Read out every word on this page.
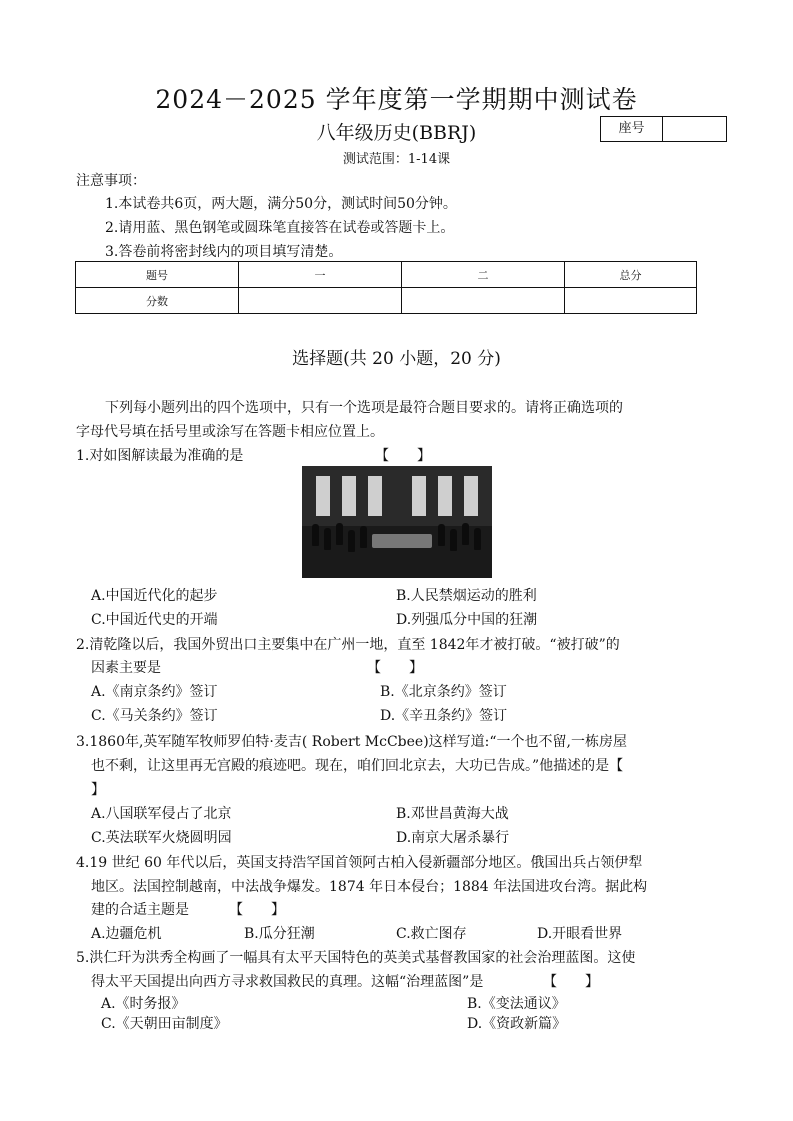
2024－2025 学年度第一学期期中测试卷
八年级历史(BBRJ)	座号
测试范围：1-14课
注意事项：
1.本试卷共6页，两大题，满分50分，测试时间50分钟。
2.请用蓝、黑色钢笔或圆珠笔直接答在试卷或答题卡上。
3.答卷前将密封线内的项目填写清楚。
题号	一	二	总分
分数			
选择题(共 20 小题，20 分)
下列每小题列出的四个选项中，只有一个选项是最符合题目要求的。请将正确选项的
字母代号填在括号里或涂写在答题卡相应位置上。
1.对如图解读最为准确的是	【　　】
A.中国近代化的起步	B.人民禁烟运动的胜利
C.中国近代史的开端	D.列强瓜分中国的狂潮
2.清乾隆以后，我国外贸出口主要集中在广州一地，直至 1842年才被打破。“被打破”的
因素主要是	【　　】
A.《南京条约》签订	B.《北京条约》签订
C.《马关条约》签订	D.《辛丑条约》签订
3.1860年,英军随军牧师罗伯特·麦吉( Robert McCbee)这样写道:“一个也不留,一栋房屋
也不剩，让这里再无宫殿的痕迹吧。现在，咱们回北京去，大功已告成。”他描述的是【
】
A.八国联军侵占了北京	B.邓世昌黄海大战
C.英法联军火烧圆明园	D.南京大屠杀暴行
4.19 世纪 60 年代以后，英国支持浩罕国首领阿古柏入侵新疆部分地区。俄国出兵占领伊犁
地区。法国控制越南，中法战争爆发。1874 年日本侵台；1884 年法国进攻台湾。据此构
建的合适主题是	【　　】
A.边疆危机	B.瓜分狂潮	C.救亡图存	D.开眼看世界
5.洪仁玕为洪秀全构画了一幅具有太平天国特色的英美式基督教国家的社会治理蓝图。这使
得太平天国提出向西方寻求救国救民的真理。这幅“治理蓝图”是	【　　】
A.《时务报》	B.《变法通议》
C.《天朝田亩制度》	D.《资政新篇》
